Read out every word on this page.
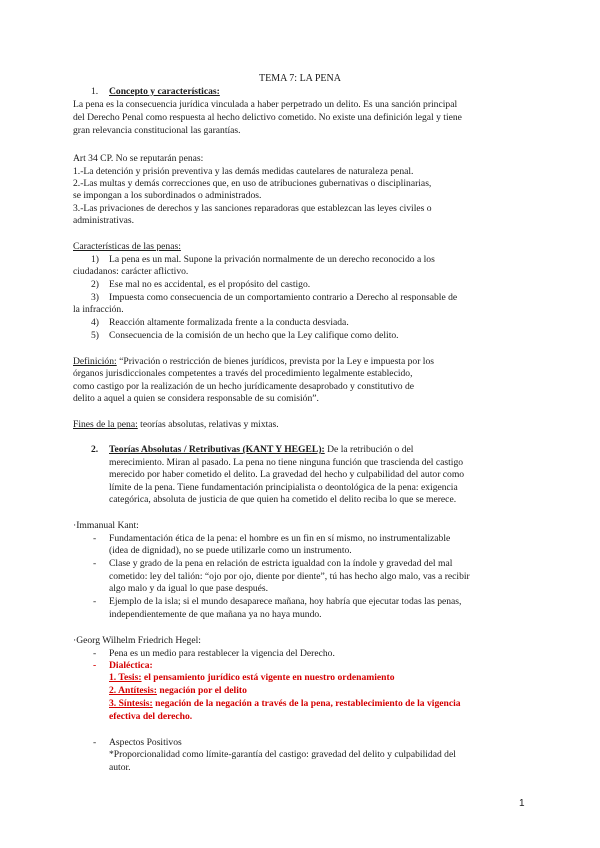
TEMA 7: LA PENA
1. Concepto y características:
La pena es la consecuencia jurídica vinculada a haber perpetrado un delito. Es una sanción principal
del Derecho Penal como respuesta al hecho delictivo cometido. No existe una definición legal y tiene
gran relevancia constitucional las garantías.
Art 34 CP. No se reputarán penas:
1.-La detención y prisión preventiva y las demás medidas cautelares de naturaleza penal.
2.-Las multas y demás correcciones que, en uso de atribuciones gubernativas o disciplinarias,
se impongan a los subordinados o administrados.
3.-Las privaciones de derechos y las sanciones reparadoras que establezcan las leyes civiles o
administrativas.
Características de las penas:
1) La pena es un mal. Supone la privación normalmente de un derecho reconocido a los
ciudadanos: carácter aflictivo.
2) Ese mal no es accidental, es el propósito del castigo.
3) Impuesta como consecuencia de un comportamiento contrario a Derecho al responsable de
la infracción.
4) Reacción altamente formalizada frente a la conducta desviada.
5) Consecuencia de la comisión de un hecho que la Ley califique como delito.
Definición: “Privación o restricción de bienes jurídicos, prevista por la Ley e impuesta por los
órganos jurisdiccionales competentes a través del procedimiento legalmente establecido,
como castigo por la realización de un hecho jurídicamente desaprobado y constitutivo de
delito a aquel a quien se considera responsable de su comisión”.
Fines de la pena: teorías absolutas, relativas y mixtas.
2. Teorías Absolutas / Retributivas (KANT Y HEGEL): De la retribución o del
merecimiento. Miran al pasado. La pena no tiene ninguna función que trascienda del castigo
merecido por haber cometido el delito. La gravedad del hecho y culpabilidad del autor como
límite de la pena. Tiene fundamentación principialista o deontológica de la pena: exigencia
categórica, absoluta de justicia de que quien ha cometido el delito reciba lo que se merece.
·Immanual Kant:
- Fundamentación ética de la pena: el hombre es un fin en sí mismo, no instrumentalizable
(idea de dignidad), no se puede utilizarle como un instrumento.
- Clase y grado de la pena en relación de estricta igualdad con la índole y gravedad del mal
cometido: ley del talión: “ojo por ojo, diente por diente”, tú has hecho algo malo, vas a recibir
algo malo y da igual lo que pase después.
- Ejemplo de la isla; si el mundo desaparece mañana, hoy habría que ejecutar todas las penas,
independientemente de que mañana ya no haya mundo.
·Georg Wilhelm Friedrich Hegel:
- Pena es un medio para restablecer la vigencia del Derecho.
- Dialéctica:
1. Tesis: el pensamiento jurídico está vigente en nuestro ordenamiento
2. Antítesis: negación por el delito
3. Síntesis: negación de la negación a través de la pena, restablecimiento de la vigencia
efectiva del derecho.
- Aspectos Positivos
*Proporcionalidad como límite-garantía del castigo: gravedad del delito y culpabilidad del
autor.
1
